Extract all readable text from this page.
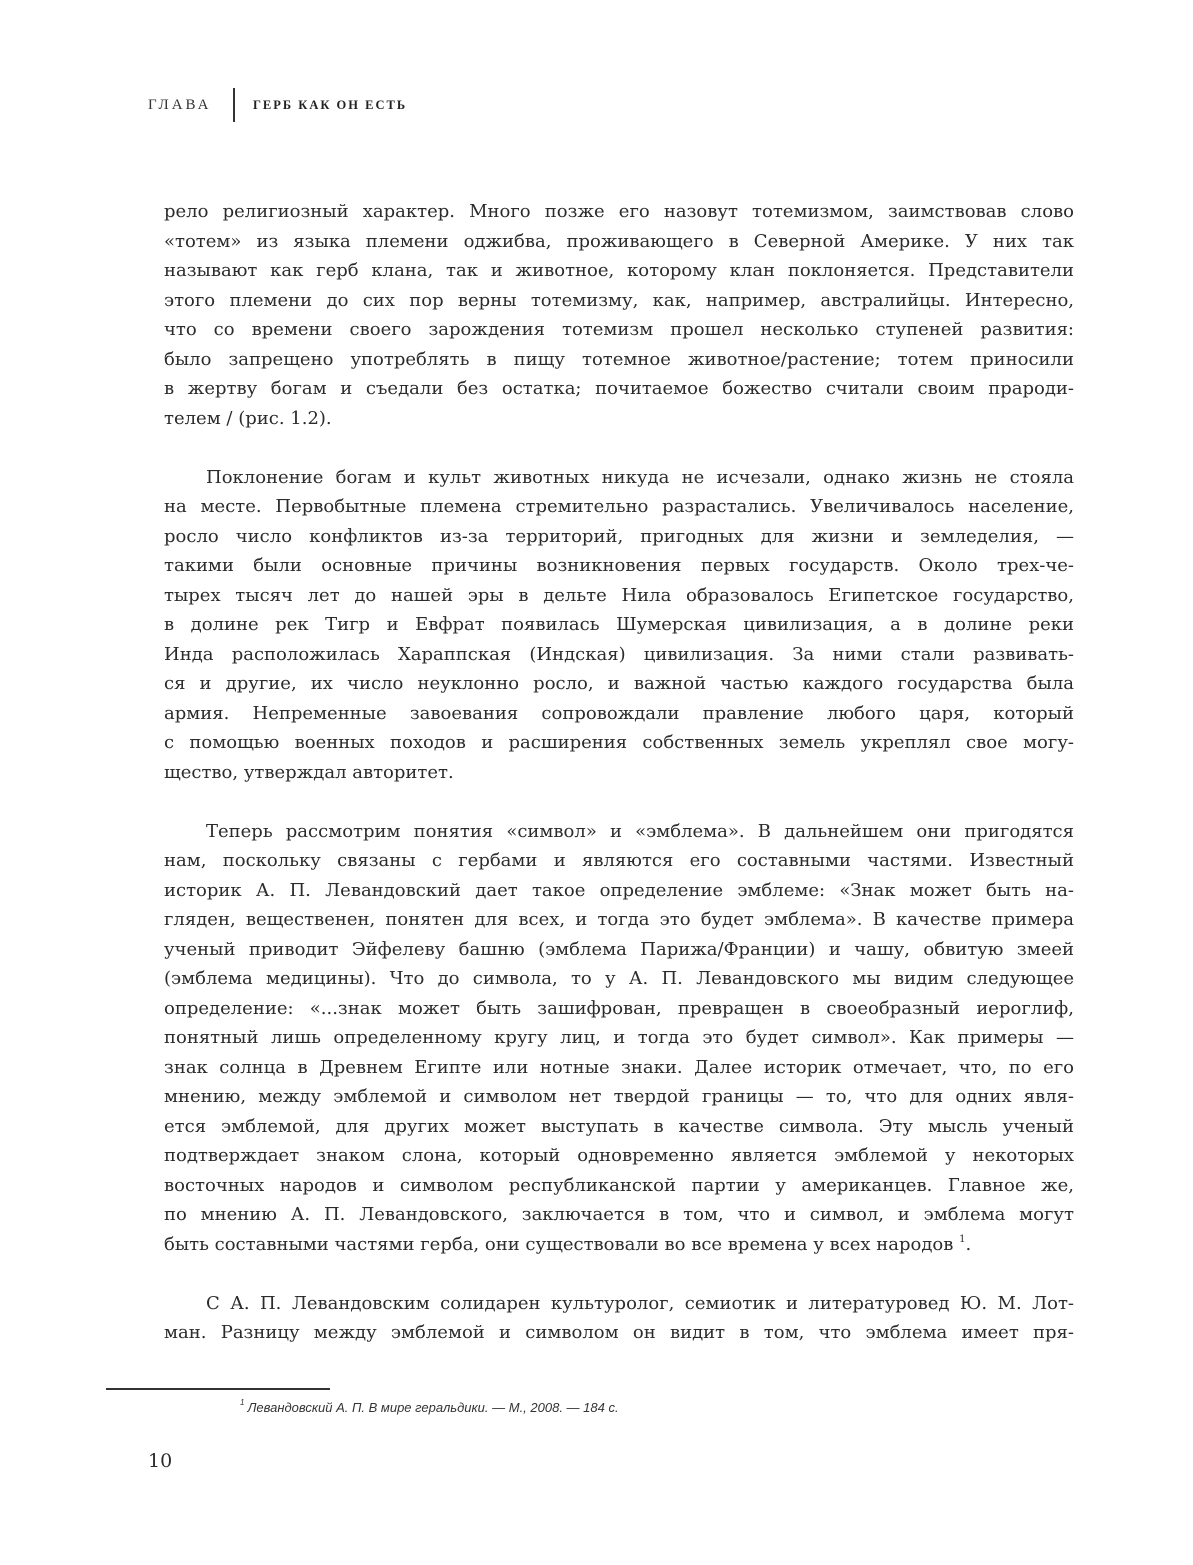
ГЛАВА	ГЕРБ КАК ОН ЕСТЬ
рело религиозный характер. Много позже его назовут тотемизмом, заимствовав слово
«тотем» из языка племени оджибва, проживающего в Северной Америке. У них так
называют как герб клана, так и животное, которому клан поклоняется. Представители
этого племени до сих пор верны тотемизму, как, например, австралийцы. Интересно,
что со времени своего зарождения тотемизм прошел несколько ступеней развития:
было запрещено употреблять в пищу тотемное животное/растение; тотем приносили
в жертву богам и съедали без остатка; почитаемое божество считали своим прароди-
телем / (рис. 1.2).
Поклонение богам и культ животных никуда не исчезали, однако жизнь не стояла
на месте. Первобытные племена стремительно разрастались. Увеличивалось население,
росло число конфликтов из-за территорий, пригодных для жизни и земледелия, —
такими были основные причины возникновения первых государств. Около трех-че-
тырех тысяч лет до нашей эры в дельте Нила образовалось Египетское государство,
в долине рек Тигр и Евфрат появилась Шумерская цивилизация, а в долине реки
Инда расположилась Хараппская (Индская) цивилизация. За ними стали развивать-
ся и другие, их число неуклонно росло, и важной частью каждого государства была
армия. Непременные завоевания сопровождали правление любого царя, который
с помощью военных походов и расширения собственных земель укреплял свое могу-
щество, утверждал авторитет.
Теперь рассмотрим понятия «символ» и «эмблема». В дальнейшем они пригодятся
нам, поскольку связаны с гербами и являются его составными частями. Известный
историк А. П. Левандовский дает такое определение эмблеме: «Знак может быть на-
гляден, вещественен, понятен для всех, и тогда это будет эмблема». В качестве примера
ученый приводит Эйфелеву башню (эмблема Парижа/Франции) и чашу, обвитую змеей
(эмблема медицины). Что до символа, то у А. П. Левандовского мы видим следующее
определение: «...знак может быть зашифрован, превращен в своеобразный иероглиф,
понятный лишь определенному кругу лиц, и тогда это будет символ». Как примеры —
знак солнца в Древнем Египте или нотные знаки. Далее историк отмечает, что, по его
мнению, между эмблемой и символом нет твердой границы — то, что для одних явля-
ется эмблемой, для других может выступать в качестве символа. Эту мысль ученый
подтверждает знаком слона, который одновременно является эмблемой у некоторых
восточных народов и символом республиканской партии у американцев. Главное же,
по мнению А. П. Левандовского, заключается в том, что и символ, и эмблема могут
быть составными частями герба, они существовали во все времена у всех народов $^1$.
С А. П. Левандовским солидарен культуролог, семиотик и литературовед Ю. М. Лот-
ман. Разницу между эмблемой и символом он видит в том, что эмблема имеет пря-
$^1$ Левандовский А. П. В мире геральдики. — М., 2008. — 184 с.
10
